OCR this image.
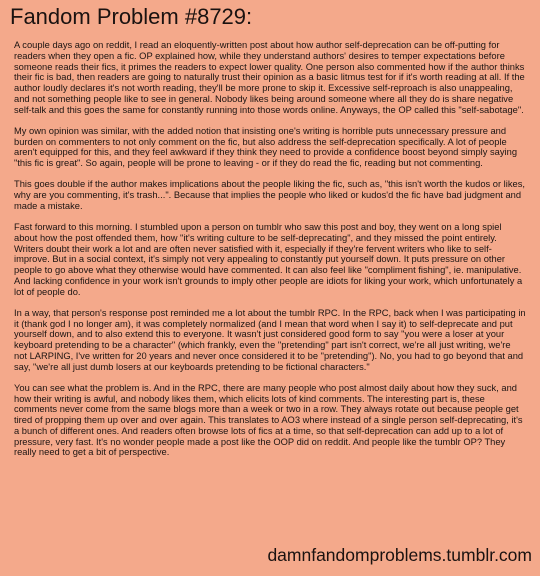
Fandom Problem #8729:

A couple days ago on reddit, I read an eloquently-written post about how author self-deprecation can be off-putting for readers when they open a fic. OP explained how, while they understand authors' desires to temper expectations before someone reads their fics, it primes the readers to expect lower quality. One person also commented how if the author thinks their fic is bad, then readers are going to naturally trust their opinion as a basic litmus test for if it's worth reading at all. If the author loudly declares it's not worth reading, they'll be more prone to skip it. Excessive self-reproach is also unappealing, and not something people like to see in general. Nobody likes being around someone where all they do is share negative self-talk and this goes the same for constantly running into those words online. Anyways, the OP called this "self-sabotage".

My own opinion was similar, with the added notion that insisting one's writing is horrible puts unnecessary pressure and burden on commenters to not only comment on the fic, but also address the self-deprecation specifically. A lot of people aren't equipped for this, and they feel awkward if they think they need to provide a confidence boost beyond simply saying "this fic is great". So again, people will be prone to leaving - or if they do read the fic, reading but not commenting.

This goes double if the author makes implications about the people liking the fic, such as, "this isn't worth the kudos or likes, why are you commenting, it's trash...". Because that implies the people who liked or kudos'd the fic have bad judgment and made a mistake.

Fast forward to this morning. I stumbled upon a person on tumblr who saw this post and boy, they went on a long spiel about how the post offended them, how "it's writing culture to be self-deprecating", and they missed the point entirely. Writers doubt their work a lot and are often never satisfied with it, especially if they're fervent writers who like to self-improve. But in a social context, it's simply not very appealing to constantly put yourself down. It puts pressure on other people to go above what they otherwise would have commented. It can also feel like "compliment fishing", ie. manipulative. And lacking confidence in your work isn't grounds to imply other people are idiots for liking your work, which unfortunately a lot of people do.

In a way, that person's response post reminded me a lot about the tumblr RPC. In the RPC, back when I was participating in it (thank god I no longer am), it was completely normalized (and I mean that word when I say it) to self-deprecate and put yourself down, and to also extend this to everyone. It wasn't just considered good form to say "you were a loser at your keyboard pretending to be a character" (which frankly, even the "pretending" part isn't correct, we're all just writing, we're not LARPING, I've written for 20 years and never once considered it to be "pretending"). No, you had to go beyond that and say, "we're all just dumb losers at our keyboards pretending to be fictional characters."

You can see what the problem is. And in the RPC, there are many people who post almost daily about how they suck, and how their writing is awful, and nobody likes them, which elicits lots of kind comments. The interesting part is, these comments never come from the same blogs more than a week or two in a row. They always rotate out because people get tired of propping them up over and over again. This translates to AO3 where instead of a single person self-deprecating, it's a bunch of different ones. And readers often browse lots of fics at a time, so that self-deprecation can add up to a lot of pressure, very fast. It's no wonder people made a post like the OOP did on reddit. And people like the tumblr OP? They really need to get a bit of perspective.

damnfandomproblems.tumblr.com
